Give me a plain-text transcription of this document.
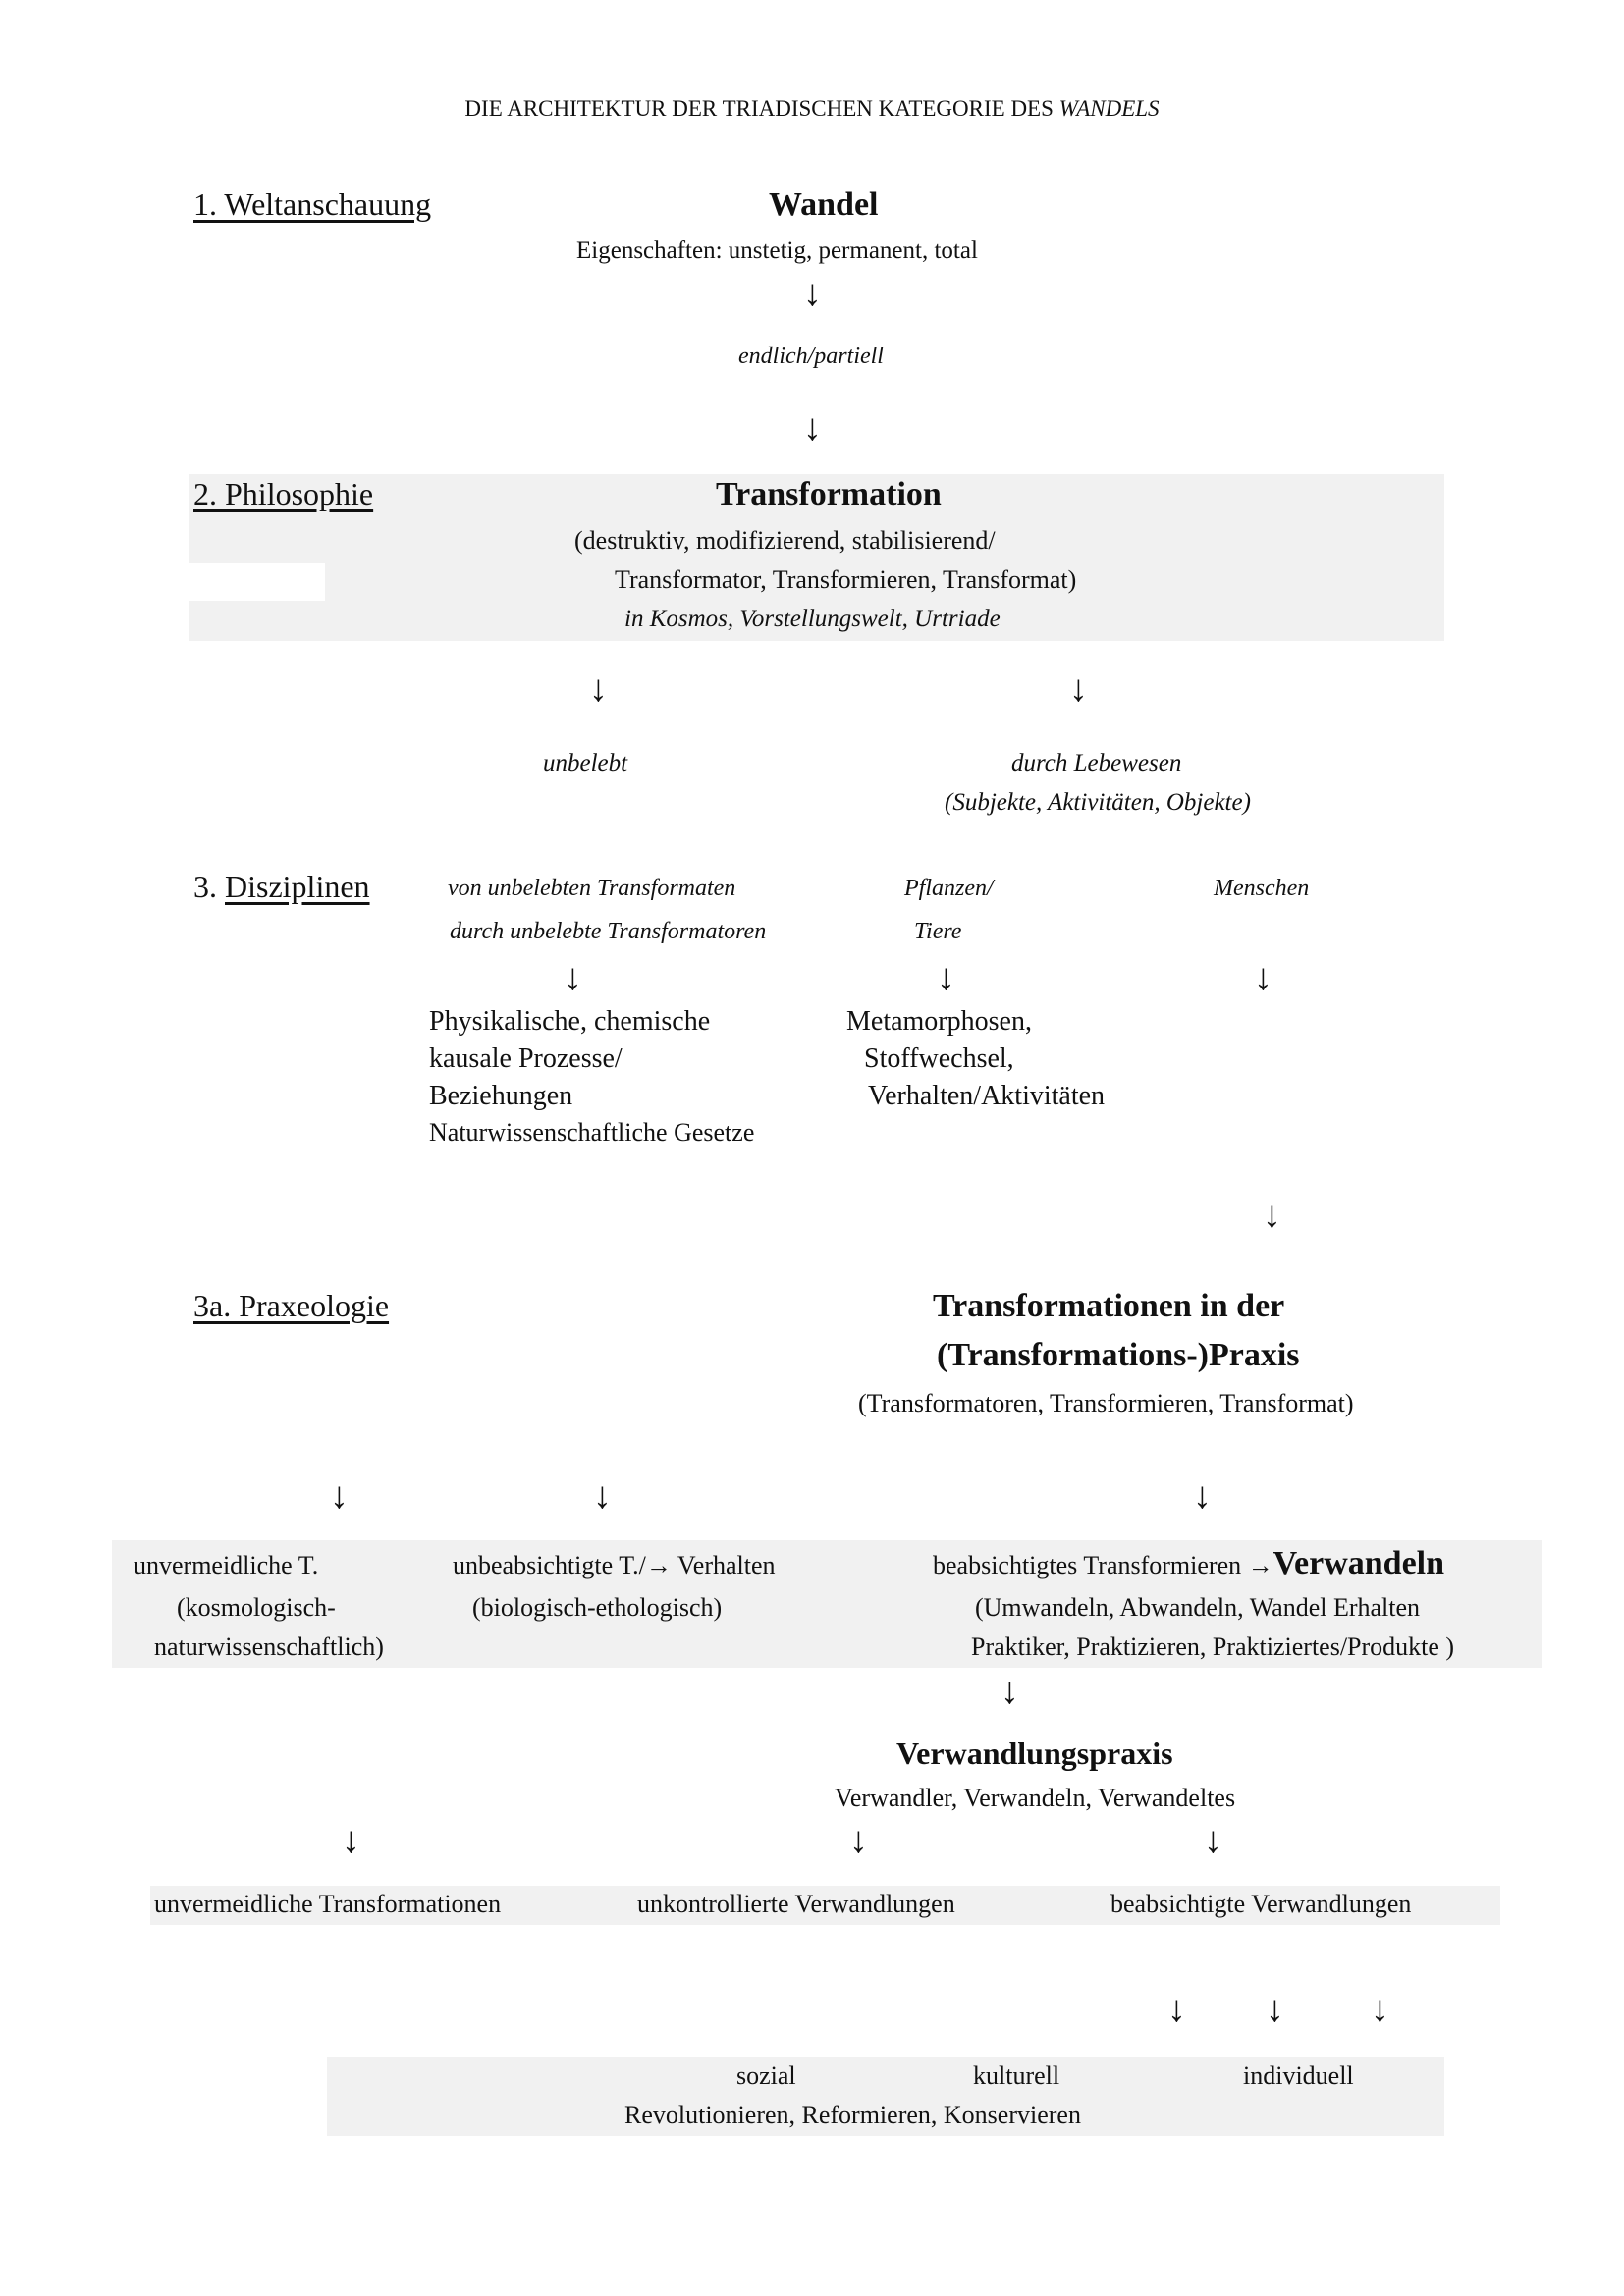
DIE ARCHITEKTUR DER TRIADISCHEN KATEGORIE DES WANDELS
1. Weltanschauung	Wandel
Eigenschaften: unstetig, permanent, total
↓
endlich/partiell
↓
2. Philosophie	Transformation
(destruktiv, modifizierend, stabilisierend/
Transformator, Transformieren, Transformat)
in Kosmos, Vorstellungswelt, Urtriade
↓	↓
unbelebt	durch Lebewesen
(Subjekte, Aktivitäten, Objekte)
3. Disziplinen	von unbelebten Transformaten
durch unbelebte Transformatoren
Pflanzen/
Tiere
Menschen
↓	↓	↓
Physikalische, chemische
kausale Prozesse/
Beziehungen
Naturwissenschaftliche Gesetze
Metamorphosen,
Stoffwechsel,
Verhalten/Aktivitäten
↓
3a. Praxeologie	Transformationen in der
(Transformations-)Praxis
(Transformatoren, Transformieren, Transformat)
↓	↓	↓
unvermeidliche T.
(kosmologisch-
naturwissenschaftlich)
unbeabsichtigte T./→ Verhalten
(biologisch-ethologisch)
beabsichtigtes Transformieren →Verwandeln
(Umwandeln, Abwandeln, Wandel Erhalten
Praktiker, Praktizieren, Praktiziertes/Produkte )
↓
Verwandlungspraxis
Verwandler, Verwandeln, Verwandeltes
↓	↓	↓
unvermeidliche Transformationen	unkontrollierte Verwandlungen	beabsichtigte Verwandlungen
↓ ↓ ↓
sozial	kulturell	individuell
Revolutionieren, Reformieren, Konservieren
